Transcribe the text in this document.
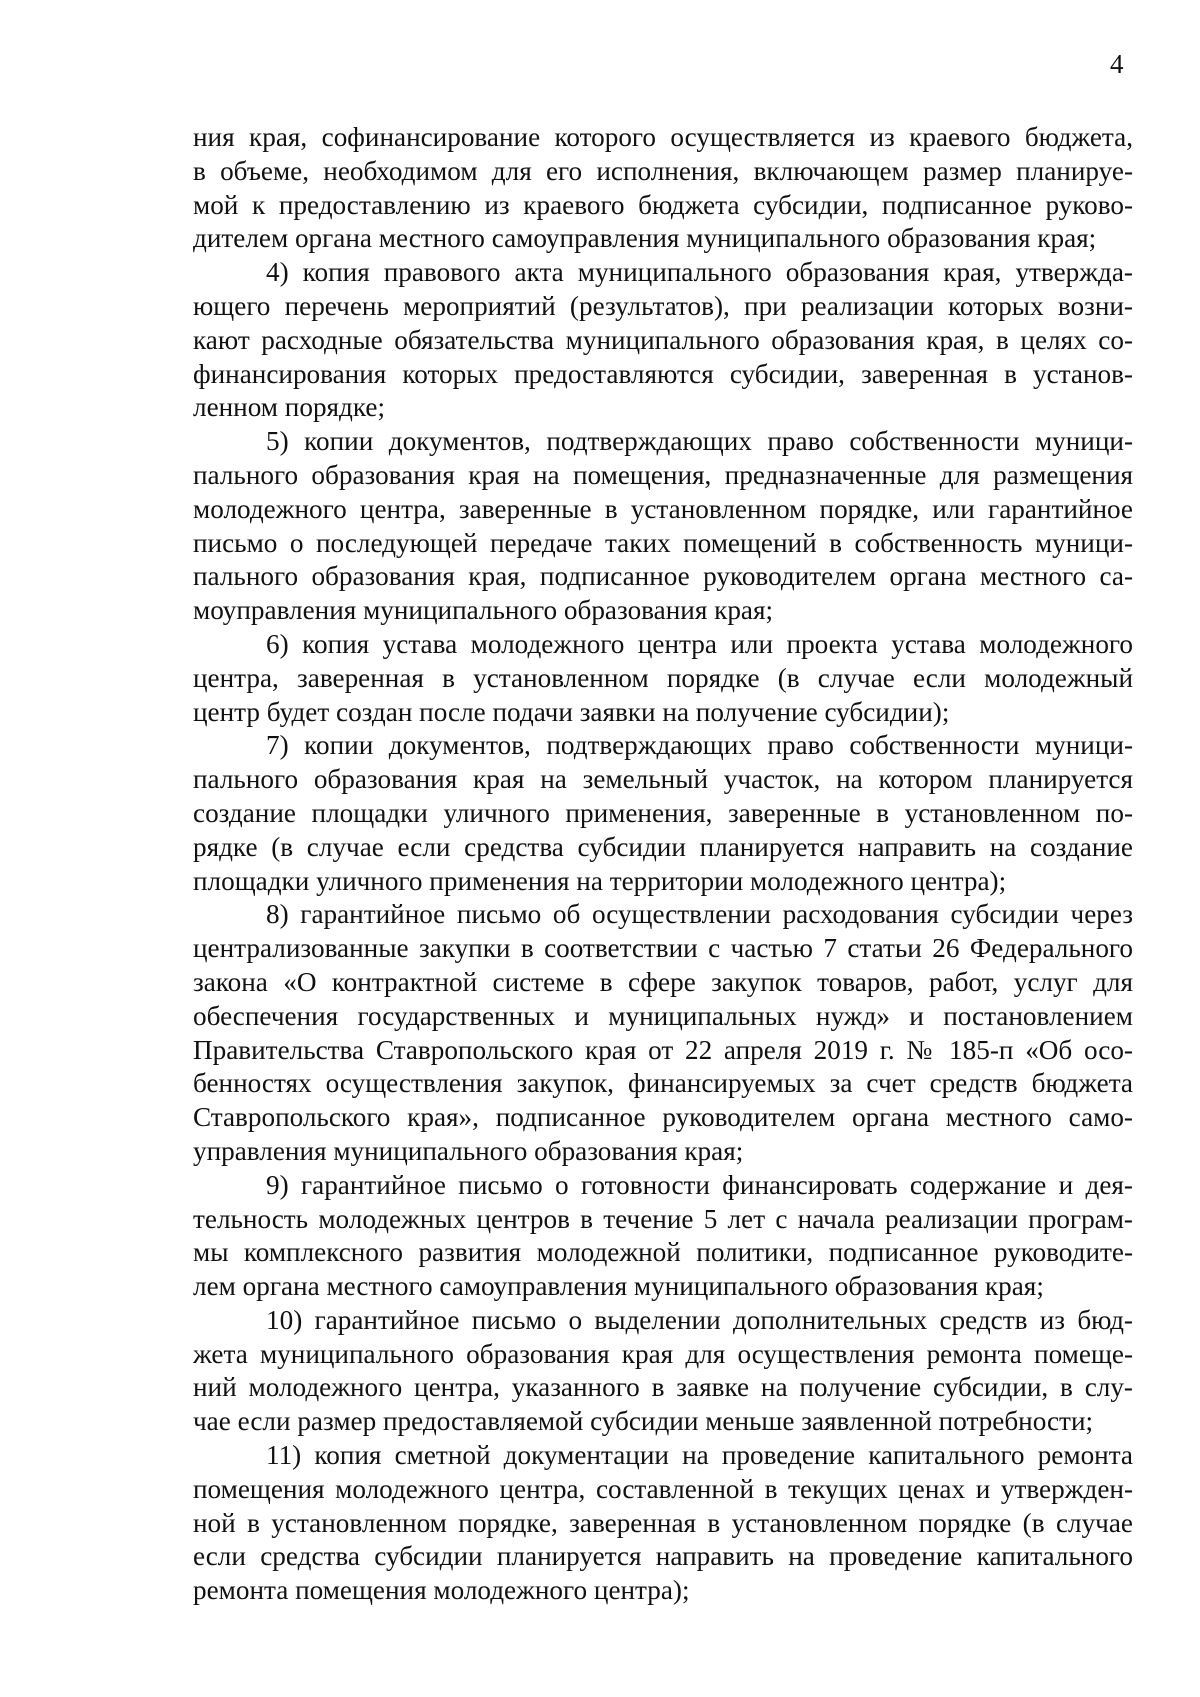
4
ния края, софинансирование которого осуществляется из краевого бюджета,
в объеме, необходимом для его исполнения, включающем размер планируе-
мой к предоставлению из краевого бюджета субсидии, подписанное руково-
дителем органа местного самоуправления муниципального образования края;
4) копия правового акта муниципального образования края, утвержда-
ющего перечень мероприятий (результатов), при реализации которых возни-
кают расходные обязательства муниципального образования края, в целях со-
финансирования которых предоставляются субсидии, заверенная в установ-
ленном порядке;
5) копии документов, подтверждающих право собственности муници-
пального образования края на помещения, предназначенные для размещения
молодежного центра, заверенные в установленном порядке, или гарантийное
письмо о последующей передаче таких помещений в собственность муници-
пального образования края, подписанное руководителем органа местного са-
моуправления муниципального образования края;
6) копия устава молодежного центра или проекта устава молодежного
центра, заверенная в установленном порядке (в случае если молодежный
центр будет создан после подачи заявки на получение субсидии);
7) копии документов, подтверждающих право собственности муници-
пального образования края на земельный участок, на котором планируется
создание площадки уличного применения, заверенные в установленном по-
рядке (в случае если средства субсидии планируется направить на создание
площадки уличного применения на территории молодежного центра);
8) гарантийное письмо об осуществлении расходования субсидии через
централизованные закупки в соответствии с частью 7 статьи 26 Федерального
закона «О контрактной системе в сфере закупок товаров, работ, услуг для
обеспечения государственных и муниципальных нужд» и постановлением
Правительства Ставропольского края от 22 апреля 2019 г. № 185-п «Об осо-
бенностях осуществления закупок, финансируемых за счет средств бюджета
Ставропольского края», подписанное руководителем органа местного само-
управления муниципального образования края;
9) гарантийное письмо о готовности финансировать содержание и дея-
тельность молодежных центров в течение 5 лет с начала реализации програм-
мы комплексного развития молодежной политики, подписанное руководите-
лем органа местного самоуправления муниципального образования края;
10) гарантийное письмо о выделении дополнительных средств из бюд-
жета муниципального образования края для осуществления ремонта помеще-
ний молодежного центра, указанного в заявке на получение субсидии, в слу-
чае если размер предоставляемой субсидии меньше заявленной потребности;
11) копия сметной документации на проведение капитального ремонта
помещения молодежного центра, составленной в текущих ценах и утвержден-
ной в установленном порядке, заверенная в установленном порядке (в случае
если средства субсидии планируется направить на проведение капитального
ремонта помещения молодежного центра);
